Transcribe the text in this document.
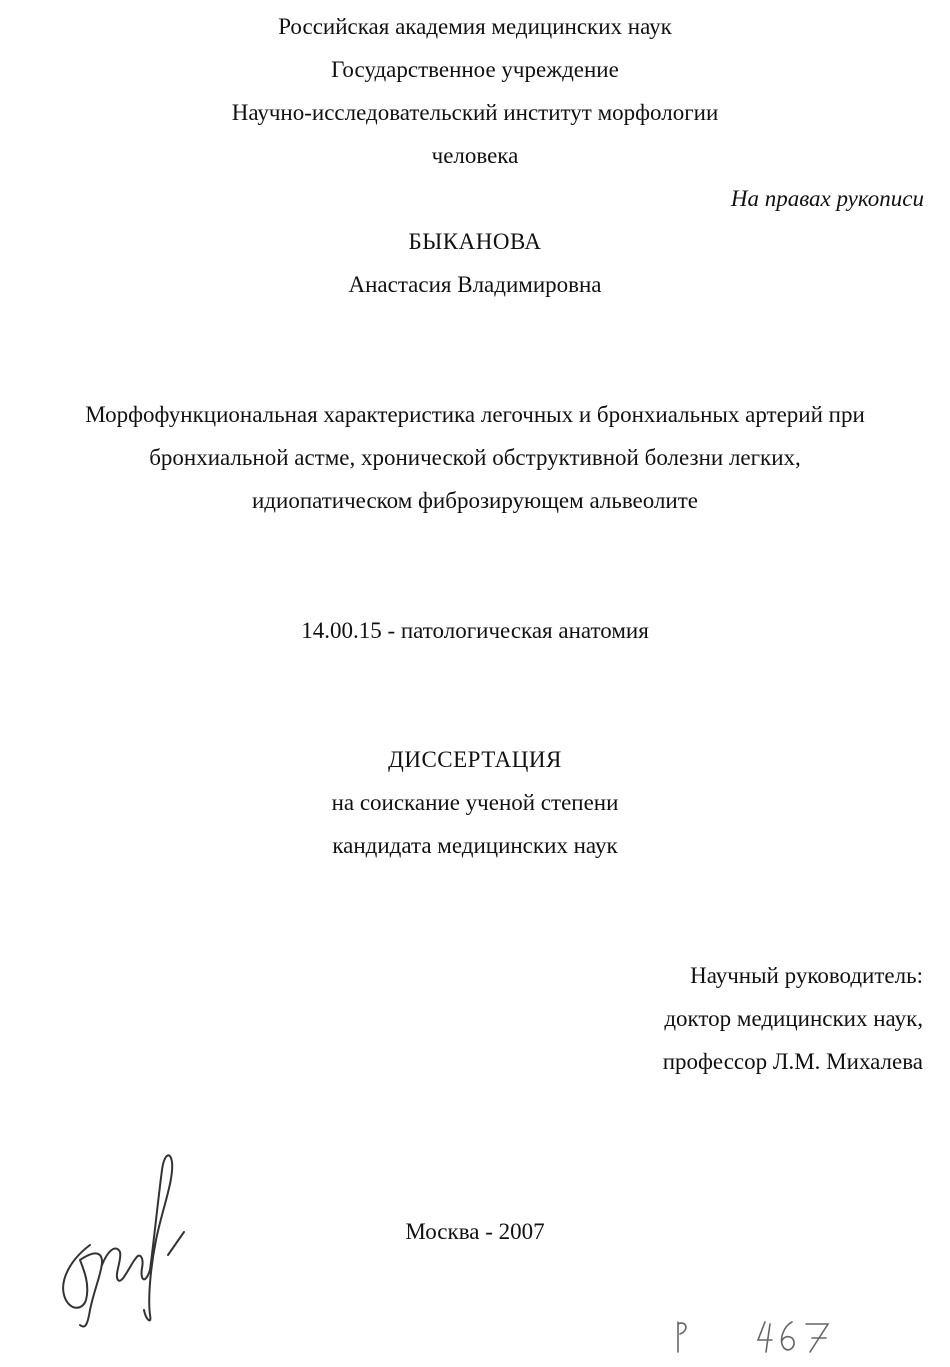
Российская академия медицинских наук
Государственное учреждение
Научно-исследовательский институт морфологии
человека
На правах рукописи
БЫКАНОВА
Анастасия Владимировна
Морфофункциональная характеристика легочных и бронхиальных артерий при
бронхиальной астме, хронической обструктивной болезни легких,
идиопатическом фиброзирующем альвеолите
14.00.15 - патологическая анатомия
ДИССЕРТАЦИЯ
на соискание ученой степени
кандидата медицинских наук
Научный руководитель:
доктор медицинских наук,
профессор Л.М. Михалева
Москва - 2007
